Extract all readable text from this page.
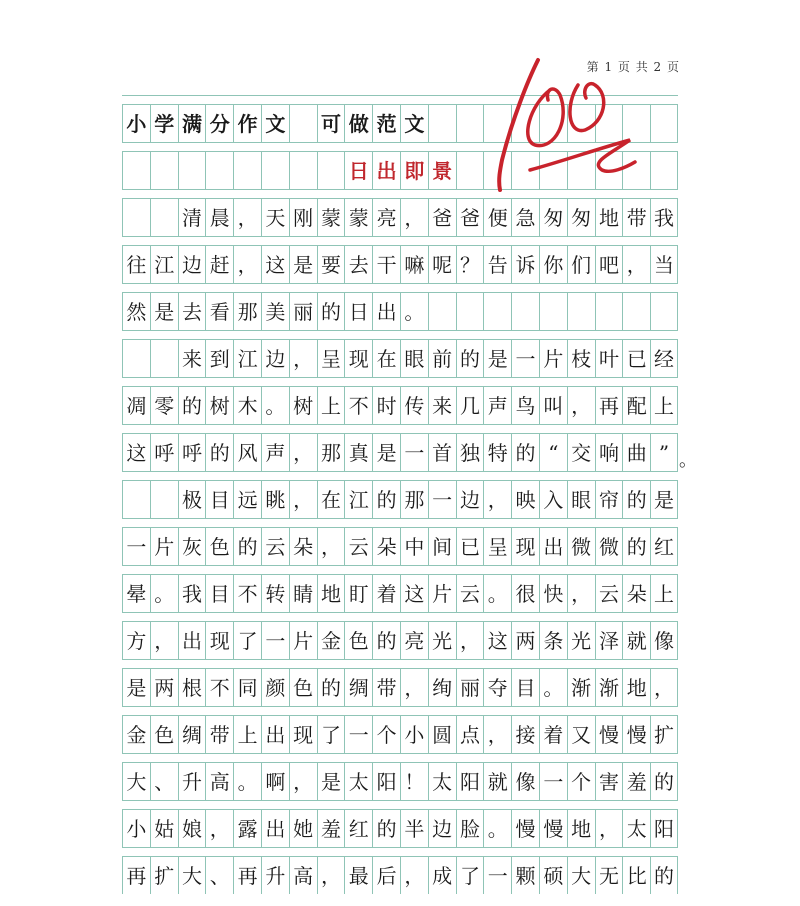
第 1 页 共 2 页
小 学 满 分 作 文 可 做 范 文
日 出 即 景
清 晨 ， 天 刚 蒙 蒙 亮 ， 爸 爸 便 急 匆 匆 地 带 我
往 江 边 赶 ， 这 是 要 去 干 嘛 呢 ？ 告 诉 你 们 吧 ， 当
然 是 去 看 那 美 丽 的 日 出 。
来 到 江 边 ， 呈 现 在 眼 前 的 是 一 片 枝 叶 已 经
凋 零 的 树 木 。 树 上 不 时 传 来 几 声 鸟 叫 ， 再 配 上
这 呼 呼 的 风 声 ， 那 真 是 一 首 独 特 的 “ 交 响 曲 ” 。
极 目 远 眺 ， 在 江 的 那 一 边 ， 映 入 眼 帘 的 是
一 片 灰 色 的 云 朵 ， 云 朵 中 间 已 呈 现 出 微 微 的 红
晕 。 我 目 不 转 睛 地 盯 着 这 片 云 。 很 快 ， 云 朵 上
方 ， 出 现 了 一 片 金 色 的 亮 光 ， 这 两 条 光 泽 就 像
是 两 根 不 同 颜 色 的 绸 带 ， 绚 丽 夺 目 。 渐 渐 地 ，
金 色 绸 带 上 出 现 了 一 个 小 圆 点 ， 接 着 又 慢 慢 扩
大 、 升 高 。 啊 ， 是 太 阳 ！ 太 阳 就 像 一 个 害 羞 的
小 姑 娘 ， 露 出 她 羞 红 的 半 边 脸 。 慢 慢 地 ， 太 阳
再 扩 大 、 再 升 高 ， 最 后 ， 成 了 一 颗 硕 大 无 比 的
